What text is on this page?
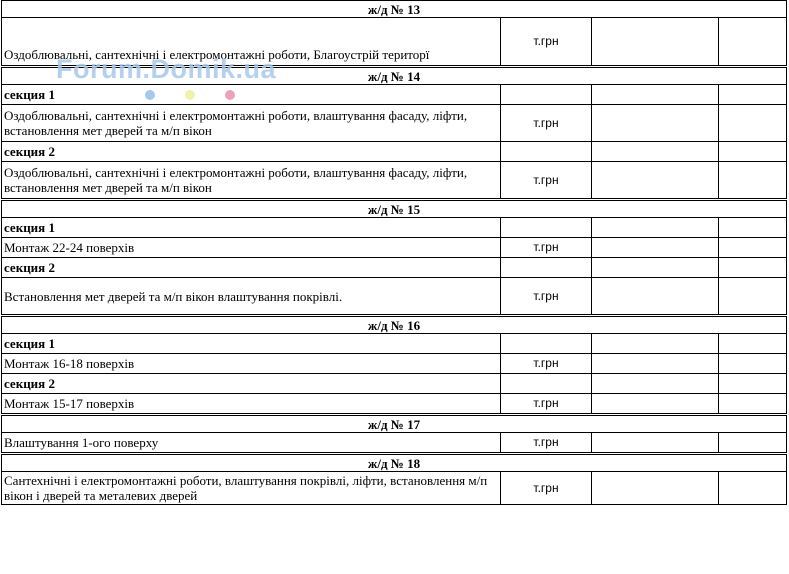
ж/д № 13			
Оздоблювальні, сантехнічні і електромонтажні роботи, Благоустрій територї	т.грн		
ж/д № 14			
секция 1			
Оздоблювальні, сантехнічні і електромонтажні роботи, влаштування фасаду, ліфти, встановлення мет дверей та м/п вікон	т.грн		
секция 2			
Оздоблювальні, сантехнічні і електромонтажні роботи, влаштування фасаду, ліфти, встановлення мет дверей та м/п вікон	т.грн		
ж/д № 15			
секция 1			
Монтаж 22-24 поверхів	т.грн		
секция 2			
Встановлення мет дверей та м/п вікон влаштування покрівлі.	т.грн		
ж/д № 16			
секция 1			
Монтаж 16-18 поверхів	т.грн		
секция 2			
Монтаж 15-17 поверхів	т.грн		
ж/д № 17			
Влаштування 1-ого поверху	т.грн		
ж/д № 18			
Сантехнічні і електромонтажні роботи, влаштування покрівлі, ліфти, встановлення м/п вікон і дверей та металевих дверей	т.грн		
Forum.Domik.ua
